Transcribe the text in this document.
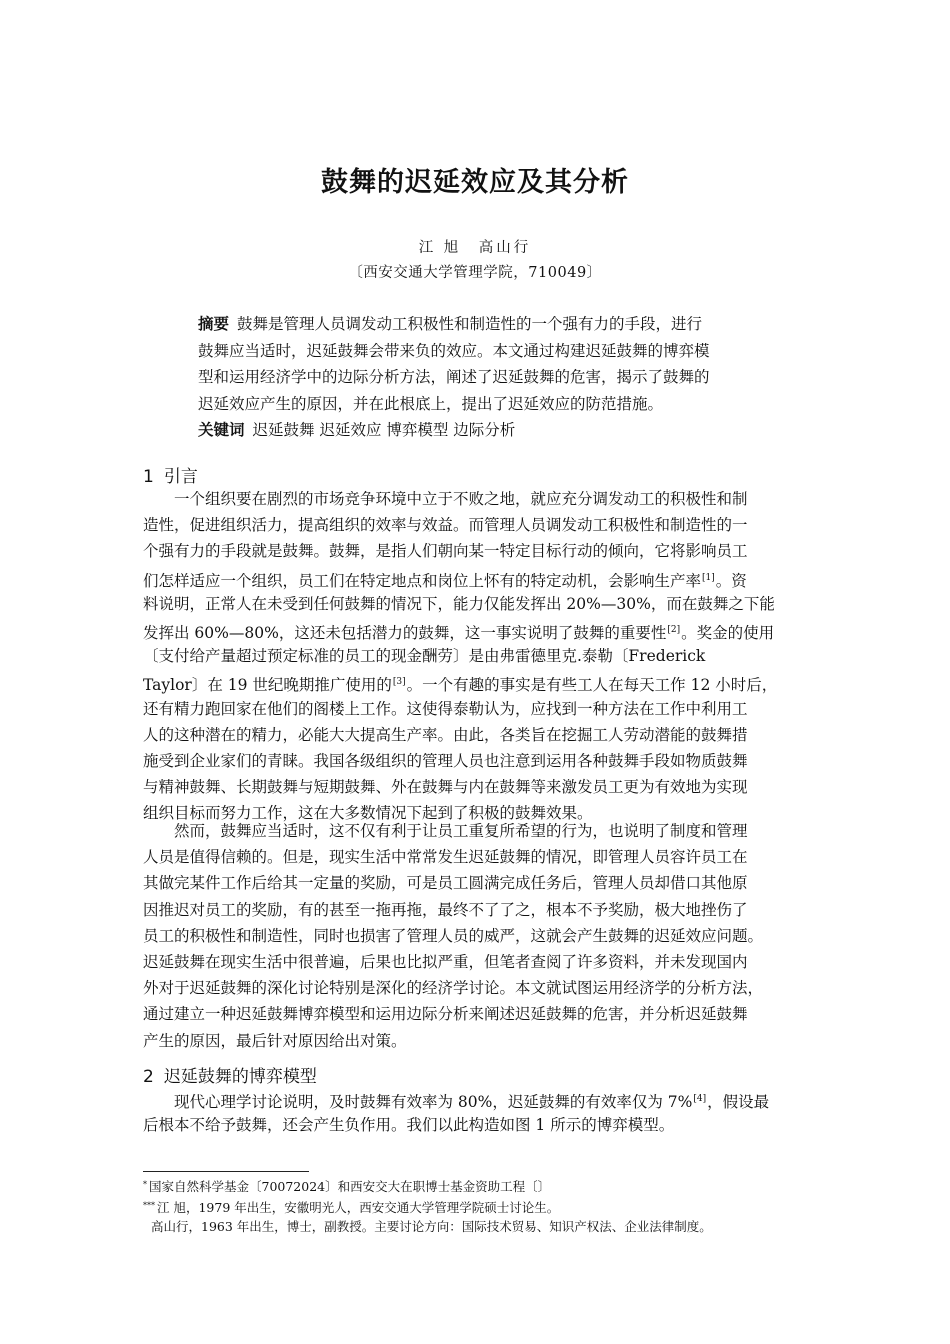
鼓舞的迟延效应及其分析
江 旭　高山行
〔西安交通大学管理学院，710049〕
摘要 鼓舞是管理人员调发动工积极性和制造性的一个强有力的手段，进行
鼓舞应当适时，迟延鼓舞会带来负的效应。本文通过构建迟延鼓舞的博弈模
型和运用经济学中的边际分析方法，阐述了迟延鼓舞的危害，揭示了鼓舞的
迟延效应产生的原因，并在此根底上，提出了迟延效应的防范措施。
关键词 迟延鼓舞 迟延效应 博弈模型 边际分析
1 引言
一个组织要在剧烈的市场竞争环境中立于不败之地，就应充分调发动工的积极性和制
造性，促进组织活力，提高组织的效率与效益。而管理人员调发动工积极性和制造性的一
个强有力的手段就是鼓舞。鼓舞，是指人们朝向某一特定目标行动的倾向，它将影响员工
们怎样适应一个组织，员工们在特定地点和岗位上怀有的特定动机，会影响生产率[1]。资
料说明，正常人在未受到任何鼓舞的情况下，能力仅能发挥出 20%—30%，而在鼓舞之下能
发挥出 60%—80%，这还未包括潜力的鼓舞，这一事实说明了鼓舞的重要性[2]。奖金的使用
〔支付给产量超过预定标准的员工的现金酬劳〕是由弗雷德里克.泰勒〔Frederick
Taylor〕在 19 世纪晚期推广使用的[3]。一个有趣的事实是有些工人在每天工作 12 小时后，
还有精力跑回家在他们的阁楼上工作。这使得泰勒认为，应找到一种方法在工作中利用工
人的这种潜在的精力，必能大大提高生产率。由此，各类旨在挖掘工人劳动潜能的鼓舞措
施受到企业家们的青睐。我国各级组织的管理人员也注意到运用各种鼓舞手段如物质鼓舞
与精神鼓舞、长期鼓舞与短期鼓舞、外在鼓舞与内在鼓舞等来激发员工更为有效地为实现
组织目标而努力工作，这在大多数情况下起到了积极的鼓舞效果。
然而，鼓舞应当适时，这不仅有利于让员工重复所希望的行为，也说明了制度和管理
人员是值得信赖的。但是，现实生活中常常发生迟延鼓舞的情况，即管理人员容许员工在
其做完某件工作后给其一定量的奖励，可是员工圆满完成任务后，管理人员却借口其他原
因推迟对员工的奖励，有的甚至一拖再拖，最终不了了之，根本不予奖励，极大地挫伤了
员工的积极性和制造性，同时也损害了管理人员的威严，这就会产生鼓舞的迟延效应问题。
迟延鼓舞在现实生活中很普遍，后果也比拟严重，但笔者查阅了许多资料，并未发现国内
外对于迟延鼓舞的深化讨论特别是深化的经济学讨论。本文就试图运用经济学的分析方法，
通过建立一种迟延鼓舞博弈模型和运用边际分析来阐述迟延鼓舞的危害，并分析迟延鼓舞
产生的原因，最后针对原因给出对策。
2 迟延鼓舞的博弈模型
现代心理学讨论说明，及时鼓舞有效率为 80%，迟延鼓舞的有效率仅为 7%[4]，假设最
后根本不给予鼓舞，还会产生负作用。我们以此构造如图 1 所示的博弈模型。
* 国家自然科学基金〔70072024〕和西安交大在职博士基金资助工程〔〕
*** 江 旭，1979 年出生，安徽明光人，西安交通大学管理学院硕士讨论生。
高山行，1963 年出生，博士，副教授。主要讨论方向：国际技术贸易、知识产权法、企业法律制度。
